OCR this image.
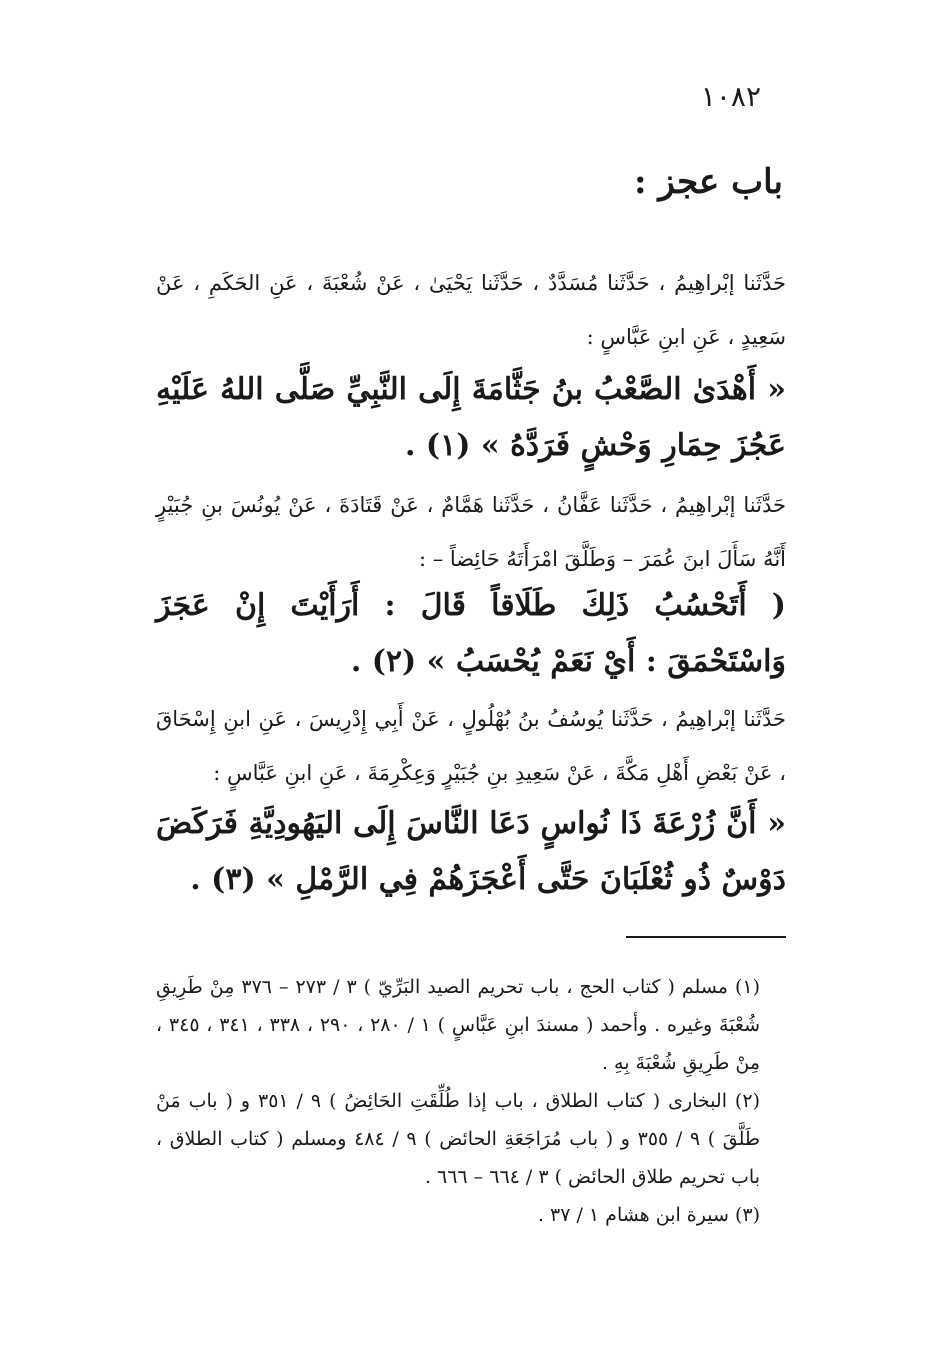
١٠٨٢
باب عجز :
حَدَّثَنا إبْراهِيمُ ، حَدَّثَنا مُسَدَّدٌ ، حَدَّثَنا يَحْيَىٰ ، عَنْ شُعْبَةَ ، عَنِ الحَكَمِ ، عَنْ سَعِيدٍ ، عَنِ ابنِ عَبَّاسٍ :
« أَهْدَىٰ الصَّعْبُ بنُ جَثَّامَةَ إِلَى النَّبِيِّ صَلَّى اللهُ عَلَيْهِ عَجُزَ حِمَارِ وَحْشٍ فَرَدَّهُ » (١) .
حَدَّثَنا إبْراهِيمُ ، حَدَّثَنا عَفَّانُ ، حَدَّثَنا هَمَّامٌ ، عَنْ قَتَادَةَ ، عَنْ يُونُسَ بنِ جُبَيْرٍ أَنَّهُ سَأَلَ ابنَ عُمَرَ – وَطَلَّقَ امْرَأَتَهُ حَائِضاً – :
( أَتَحْسُبُ ذَلِكَ طَلَاقاً قَالَ : أَرَأَيْتَ إِنْ عَجَزَ وَاسْتَحْمَقَ : أَيْ نَعَمْ يُحْسَبُ » (٢) .
حَدَّثَنا إبْراهِيمُ ، حَدَّثَنا يُوسُفُ بنُ بُهْلُولٍ ، عَنْ أَبِي إِدْرِيسَ ، عَنِ ابنِ إِسْحَاقَ ، عَنْ بَعْضِ أَهْلِ مَكَّةَ ، عَنْ سَعِيدِ بنِ جُبَيْرٍ وَعِكْرِمَةَ ، عَنِ ابنِ عَبَّاسٍ :
« أَنَّ زُرْعَةَ ذَا نُواسٍ دَعَا النَّاسَ إِلَى اليَهُودِيَّةِ فَرَكَضَ دَوْسٌ ذُو ثُعْلَبَانَ حَتَّى أَعْجَزَهُمْ فِي الرَّمْلِ » (٣) .
(١) مسلم ( كتاب الحج ، باب تحريم الصيد البَرِّيّ ) ٣ / ٢٧٣ – ٣٧٦ مِنْ طَرِيقِ شُعْبَةَ وغيره . وأحمد ( مسندَ ابنِ عَبَّاسٍ ) ١ / ٢٨٠ ، ٢٩٠ ، ٣٣٨ ، ٣٤١ ، ٣٤٥ ، مِنْ طَرِيقِ شُعْبَةَ بِهِ .
(٢) البخارى ( كتاب الطلاق ، باب إذا طُلِّقَتِ الحَائِضُ ) ٩ / ٣٥١ و ( باب مَنْ طَلَّقَ ) ٩ / ٣٥٥ و ( باب مُرَاجَعَةِ الحائض ) ٩ / ٤٨٤ ومسلم ( كتاب الطلاق ، باب تحريم طلاق الحائض ) ٣ / ٦٦٤ – ٦٦٦ .
(٣) سيرة ابن هشام ١ / ٣٧ .
